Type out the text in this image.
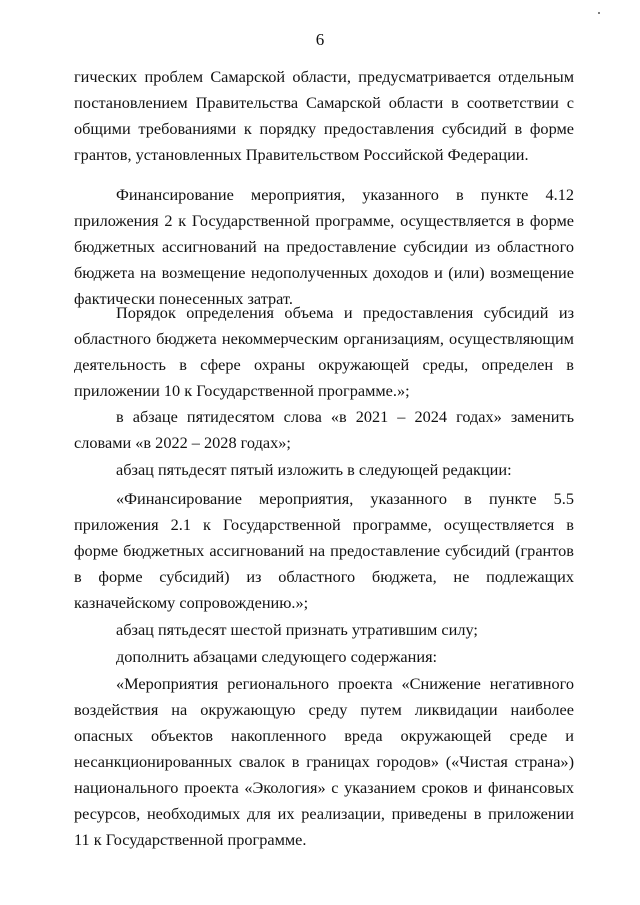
6

гических проблем Самарской области, предусматривается отдельным постановлением Правительства Самарской области в соответствии с общими требованиями к порядку предоставления субсидий в форме грантов, установленных Правительством Российской Федерации.

Финансирование мероприятия, указанного в пункте 4.12 приложения 2 к Государственной программе, осуществляется в форме бюджетных ассигнований на предоставление субсидии из областного бюджета на возмещение недополученных доходов и (или) возмещение фактически понесенных затрат.

Порядок определения объема и предоставления субсидий из областного бюджета некоммерческим организациям, осуществляющим деятельность в сфере охраны окружающей среды, определен в приложении 10 к Государственной программе.»;

в абзаце пятидесятом слова «в 2021 – 2024 годах» заменить словами «в 2022 – 2028 годах»;

абзац пятьдесят пятый изложить в следующей редакции:

«Финансирование мероприятия, указанного в пункте 5.5 приложения 2.1 к Государственной программе, осуществляется в форме бюджетных ассигнований на предоставление субсидий (грантов в форме субсидий) из областного бюджета, не подлежащих казначейскому сопровождению.»;

абзац пятьдесят шестой признать утратившим силу;

дополнить абзацами следующего содержания:

«Мероприятия регионального проекта «Снижение негативного воздействия на окружающую среду путем ликвидации наиболее опасных объектов накопленного вреда окружающей среде и несанкционированных свалок в границах городов» («Чистая страна») национального проекта «Экология» с указанием сроков и финансовых ресурсов, необходимых для их реализации, приведены в приложении 11 к Государственной программе.
